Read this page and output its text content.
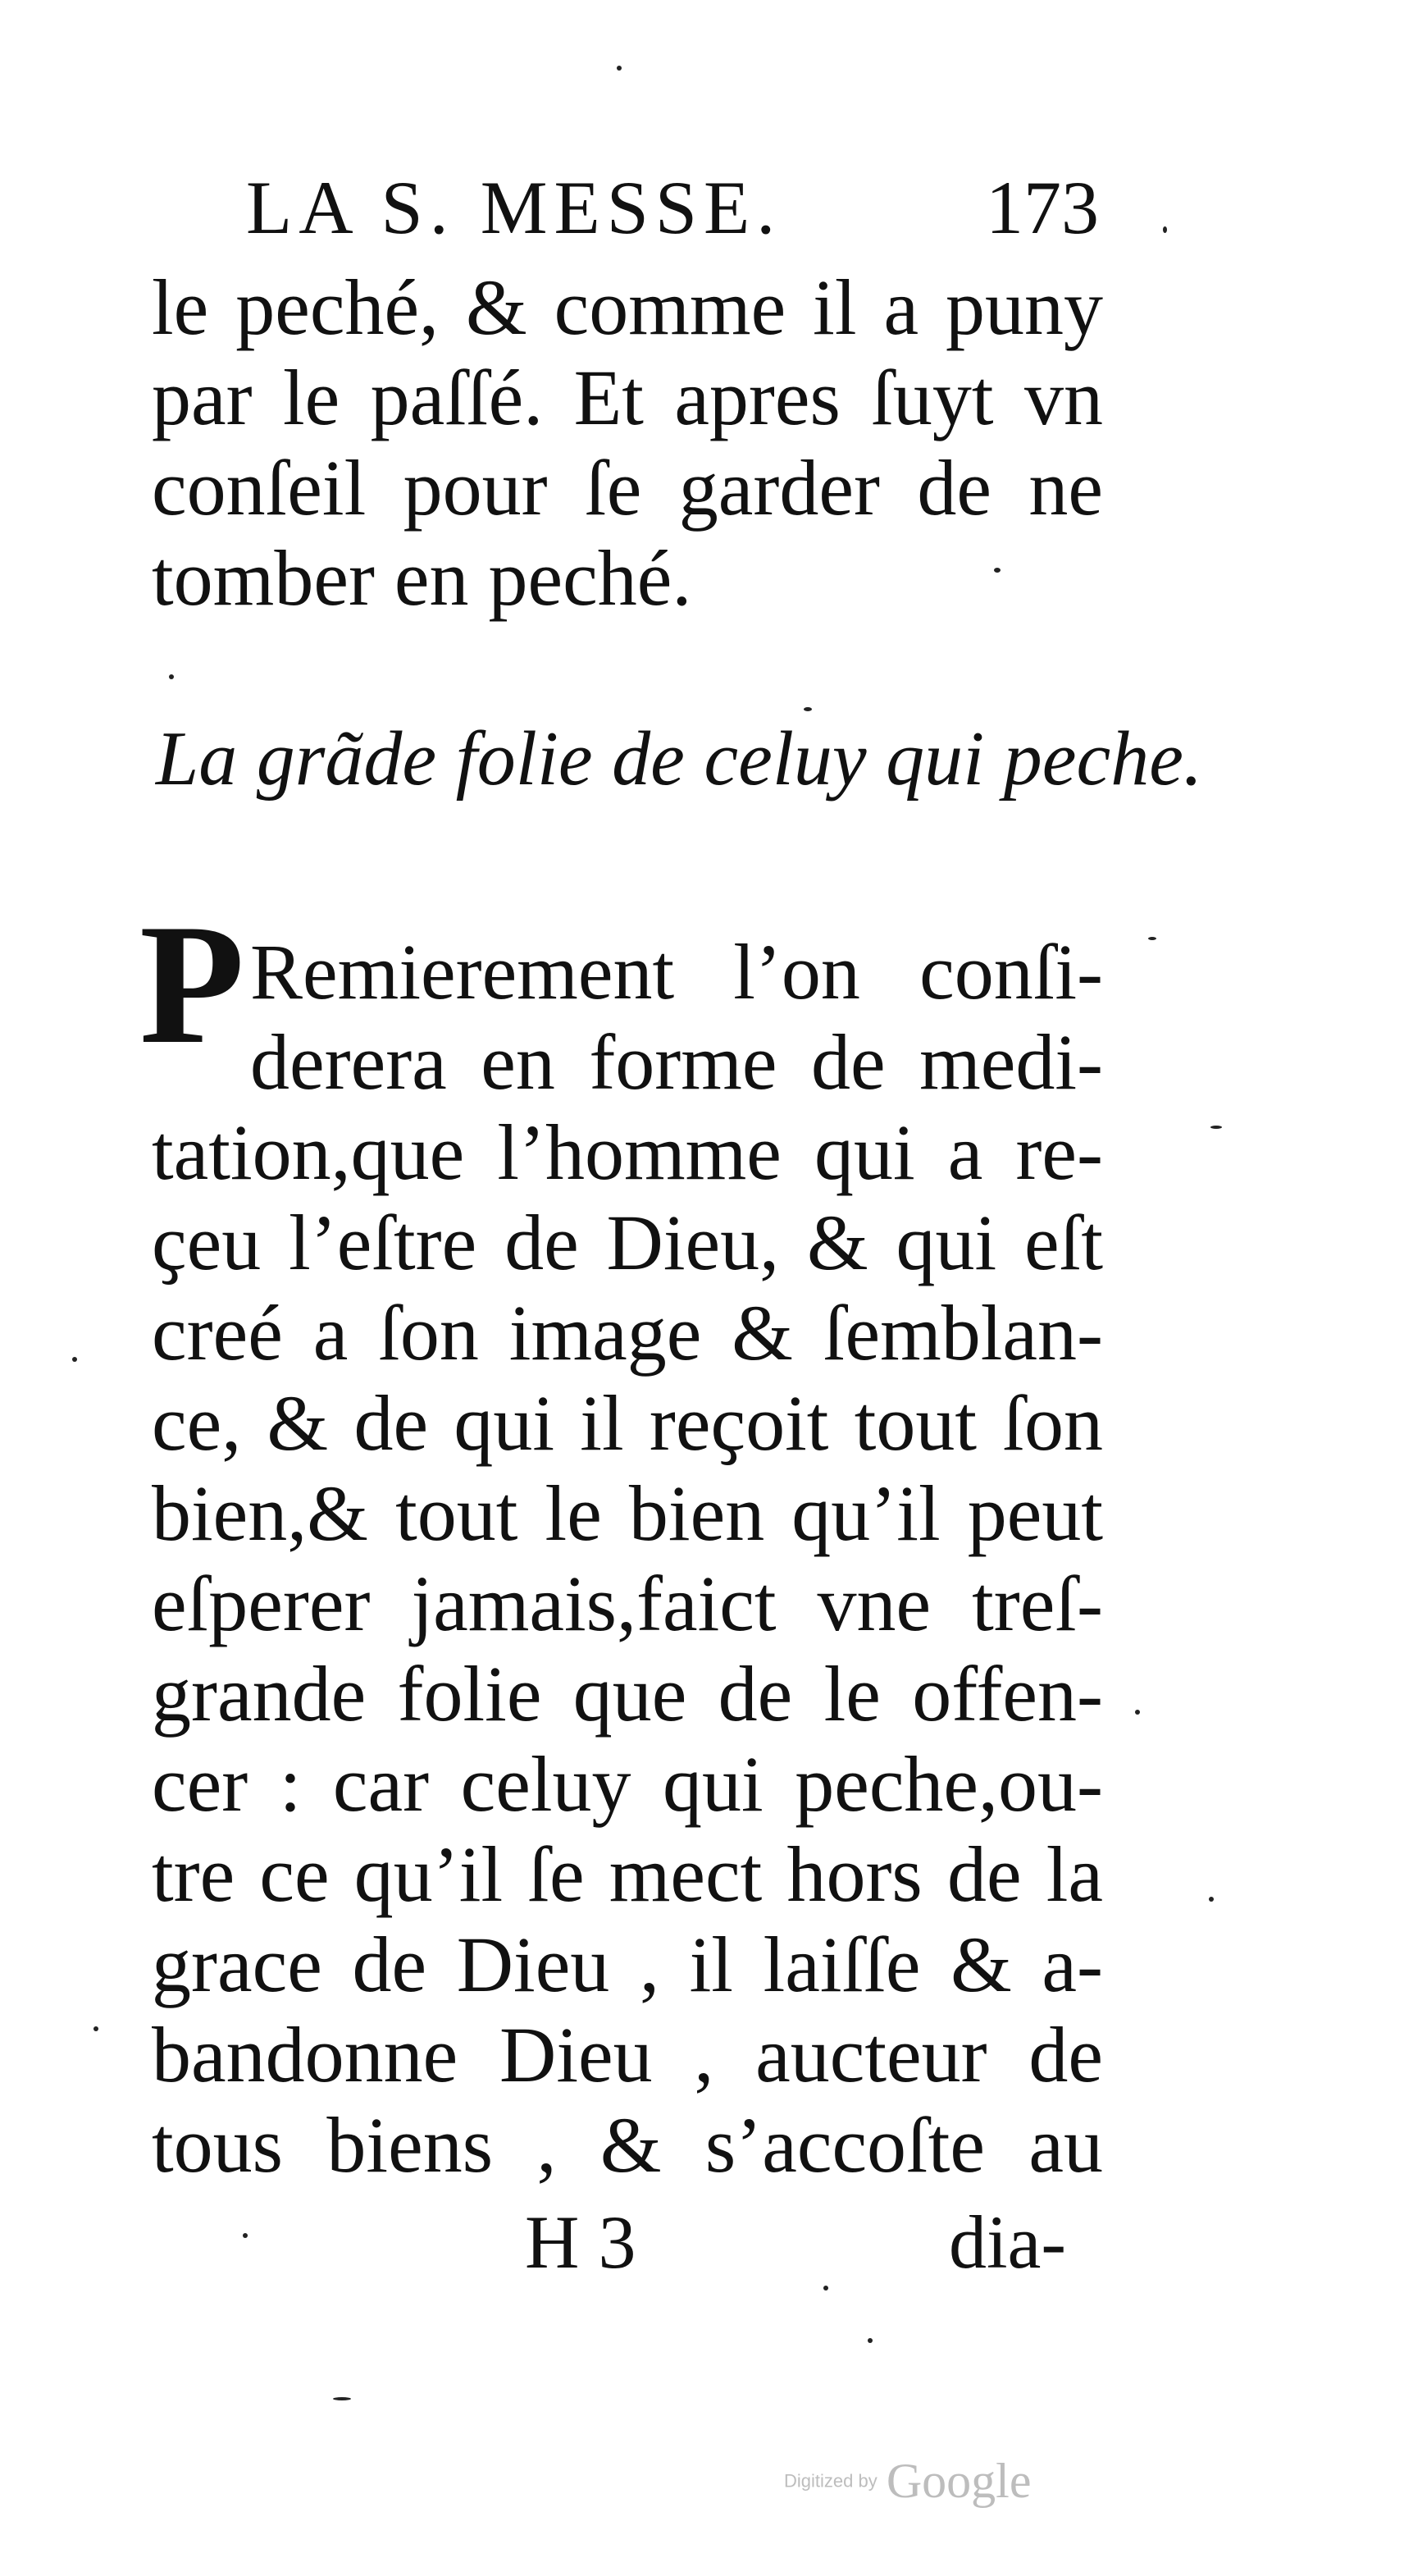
LA S. MESSE.	173
le peché, & comme il a puny
par le paſſé. Et apres ſuyt vn
conſeil pour ſe garder de ne
tomber en peché.
La grãde folie de celuy qui peche.
P Remierement l’on conſi-
derera en forme de medi-
tation,que l’homme qui a re-
ҫeu l’eſtre de Dieu, & qui eſt
creé a ſon image & ſemblan-
ce, & de qui il reҫoit tout ſon
bien,& tout le bien qu’il peut
eſperer jamais,faict vne treſ-
grande folie que de le offen-
cer : car celuy qui peche,ou-
tre ce qu’il ſe mect hors de la
grace de Dieu , il laiſſe & a-
bandonne Dieu , aucteur de
tous biens , & s’accoſte au
H 3	dia-
Digitized by Google
